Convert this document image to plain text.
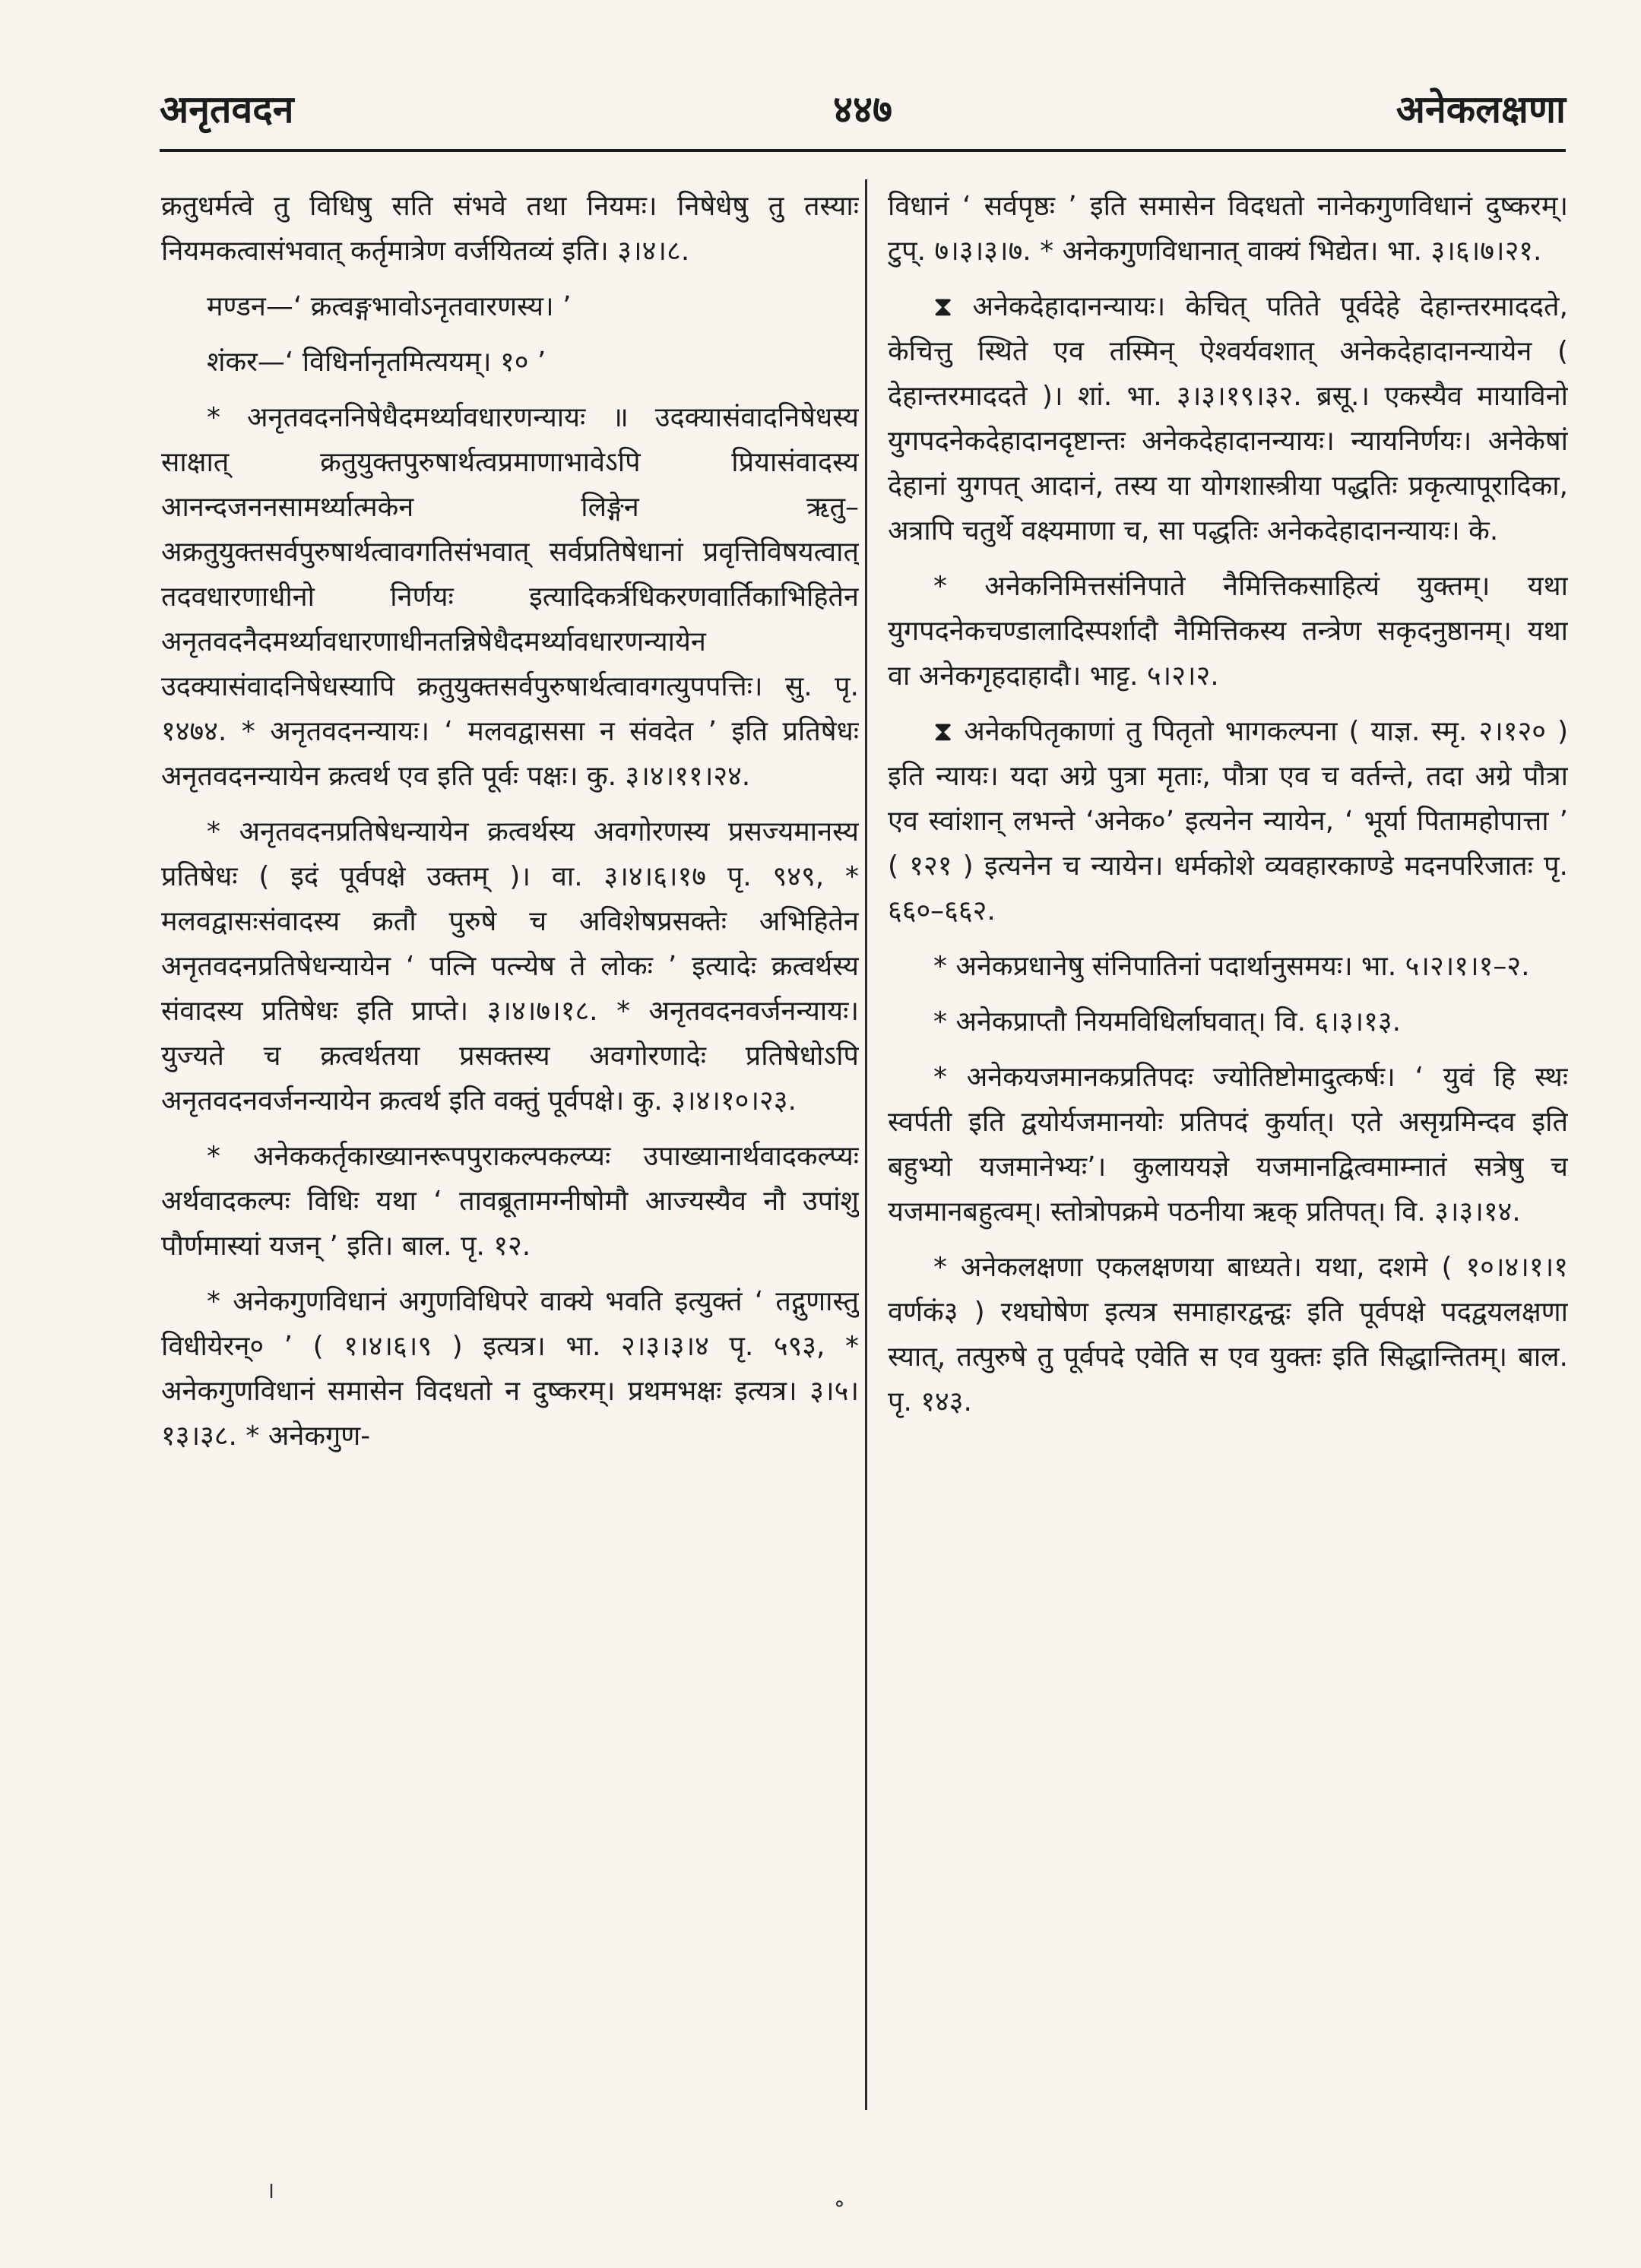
अनृतवदन	४४७	अनेकलक्षणा

क्रतुधर्मत्वे तु विधिषु सति संभवे तथा नियमः। निषेधेषु तु तस्याः नियमकत्वासंभवात् कर्तृमात्रेण वर्जयितव्यं इति। ३।४।८.

मण्डन—‘ क्रत्वङ्गभावोऽनृतवारणस्य। ’

शंकर—‘ विधिर्नानृतमित्ययम्। १० ’

* अनृतवदननिषेधैदमर्थ्यावधारणन्यायः ॥ उदक्यासंवादनिषेधस्य साक्षात् क्रतुयुक्तपुरुषार्थत्वप्रमाणाभावेऽपि प्रियासंवादस्य आनन्दजननसामर्थ्यात्मकेन लिङ्गेन ऋतु–अक्रतुयुक्तसर्वपुरुषार्थत्वावगतिसंभवात् सर्वप्रतिषेधानां प्रवृत्तिविषयत्वात् तदवधारणाधीनो निर्णयः इत्यादिकर्त्रधिकरणवार्तिकाभिहितेन अनृतवदनैदमर्थ्यावधारणाधीनतन्निषेधैदमर्थ्यावधारणन्यायेन उदक्यासंवादनिषेधस्यापि क्रतुयुक्तसर्वपुरुषार्थत्वावगत्युपपत्तिः। सु. पृ. १४७४. * अनृतवदनन्यायः। ‘ मलवद्वाससा न संवदेत ’ इति प्रतिषेधः अनृतवदनन्यायेन क्रत्वर्थ एव इति पूर्वः पक्षः। कु. ३।४।११।२४.

* अनृतवदनप्रतिषेधन्यायेन क्रत्वर्थस्य अवगोरणस्य प्रसज्यमानस्य प्रतिषेधः ( इदं पूर्वपक्षे उक्तम् )। वा. ३।४।६।१७ पृ. ९४९, * मलवद्वासःसंवादस्य क्रतौ पुरुषे च अविशेषप्रसक्तेः अभिहितेन अनृतवदनप्रतिषेधन्यायेन ‘ पत्नि पत्न्येष ते लोकः ’ इत्यादेः क्रत्वर्थस्य संवादस्य प्रतिषेधः इति प्राप्ते। ३।४।७।१८. * अनृतवदनवर्जनन्यायः। युज्यते च क्रत्वर्थतया प्रसक्तस्य अवगोरणादेः प्रतिषेधोऽपि अनृतवदनवर्जनन्यायेन क्रत्वर्थ इति वक्तुं पूर्वपक्षे। कु. ३।४।१०।२३.

* अनेककर्तृकाख्यानरूपपुराकल्पकल्प्यः उपाख्यानार्थवादकल्प्यः अर्थवादकल्पः विधिः यथा ‘ तावब्रूतामग्नीषोमौ आज्यस्यैव नौ उपांशु पौर्णमास्यां यजन् ’ इति। बाल. पृ. १२.

* अनेकगुणविधानं अगुणविधिपरे वाक्ये भवति इत्युक्तं ‘ तद्गुणास्तु विधीयेरन्० ’ ( १।४।६।९ ) इत्यत्र। भा. २।३।३।४ पृ. ५९३, * अनेकगुणविधानं समासेन विदधतो न दुष्करम्। प्रथमभक्षः इत्यत्र। ३।५।१३।३८. * अनेकगुण-

विधानं ‘ सर्वपृष्ठः ’ इति समासेन विदधतो नानेकगुणविधानं दुष्करम्। टुप्. ७।३।३।७. * अनेकगुणविधानात् वाक्यं भिद्येत। भा. ३।६।७।२१.

⧗ अनेकदेहादानन्यायः। केचित् पतिते पूर्वदेहे देहान्तरमाददते, केचित्तु स्थिते एव तस्मिन् ऐश्वर्यवशात् अनेकदेहादानन्यायेन ( देहान्तरमाददते )। शां. भा. ३।३।१९।३२. ब्रसू.। एकस्यैव मायाविनो युगपदनेकदेहादानदृष्टान्तः अनेकदेहादानन्यायः। न्यायनिर्णयः। अनेकेषां देहानां युगपत् आदानं, तस्य या योगशास्त्रीया पद्धतिः प्रकृत्यापूरादिका, अत्रापि चतुर्थे वक्ष्यमाणा च, सा पद्धतिः अनेकदेहादानन्यायः। के.

* अनेकनिमित्तसंनिपाते नैमित्तिकसाहित्यं युक्तम्। यथा युगपदनेकचण्डालादिस्पर्शादौ नैमित्तिकस्य तन्त्रेण सकृदनुष्ठानम्। यथा वा अनेकगृहदाहादौ। भाट्ट. ५।२।२.

⧗ अनेकपितृकाणां तु पितृतो भागकल्पना ( याज्ञ. स्मृ. २।१२० ) इति न्यायः। यदा अग्रे पुत्रा मृताः, पौत्रा एव च वर्तन्ते, तदा अग्रे पौत्रा एव स्वांशान् लभन्ते ‘अनेक०’ इत्यनेन न्यायेन, ‘ भूर्या पितामहोपात्ता ’ ( १२१ ) इत्यनेन च न्यायेन। धर्मकोशे व्यवहारकाण्डे मदनपरिजातः पृ. ६६०–६६२.

* अनेकप्रधानेषु संनिपातिनां पदार्थानुसमयः। भा. ५।२।१।१–२.

* अनेकप्राप्तौ नियमविधिर्लाघवात्। वि. ६।३।१३.

* अनेकयजमानकप्रतिपदः ज्योतिष्टोमादुत्कर्षः। ‘ युवं हि स्थः स्वर्पती इति द्वयोर्यजमानयोः प्रतिपदं कुर्यात्। एते असृग्रमिन्दव इति बहुभ्यो यजमानेभ्यः’। कुलाययज्ञे यजमानद्वित्वमाम्नातं सत्रेषु च यजमानबहुत्वम्। स्तोत्रोपक्रमे पठनीया ऋक् प्रतिपत्। वि. ३।३।१४.

* अनेकलक्षणा एकलक्षणया बाध्यते। यथा, दशमे ( १०।४।१।१ वर्णकं३ ) रथघोषेण इत्यत्र समाहारद्वन्द्वः इति पूर्वपक्षे पदद्वयलक्षणा स्यात्, तत्पुरुषे तु पूर्वपदे एवेति स एव युक्तः इति सिद्धान्तितम्। बाल. पृ. १४३.

।
॰
